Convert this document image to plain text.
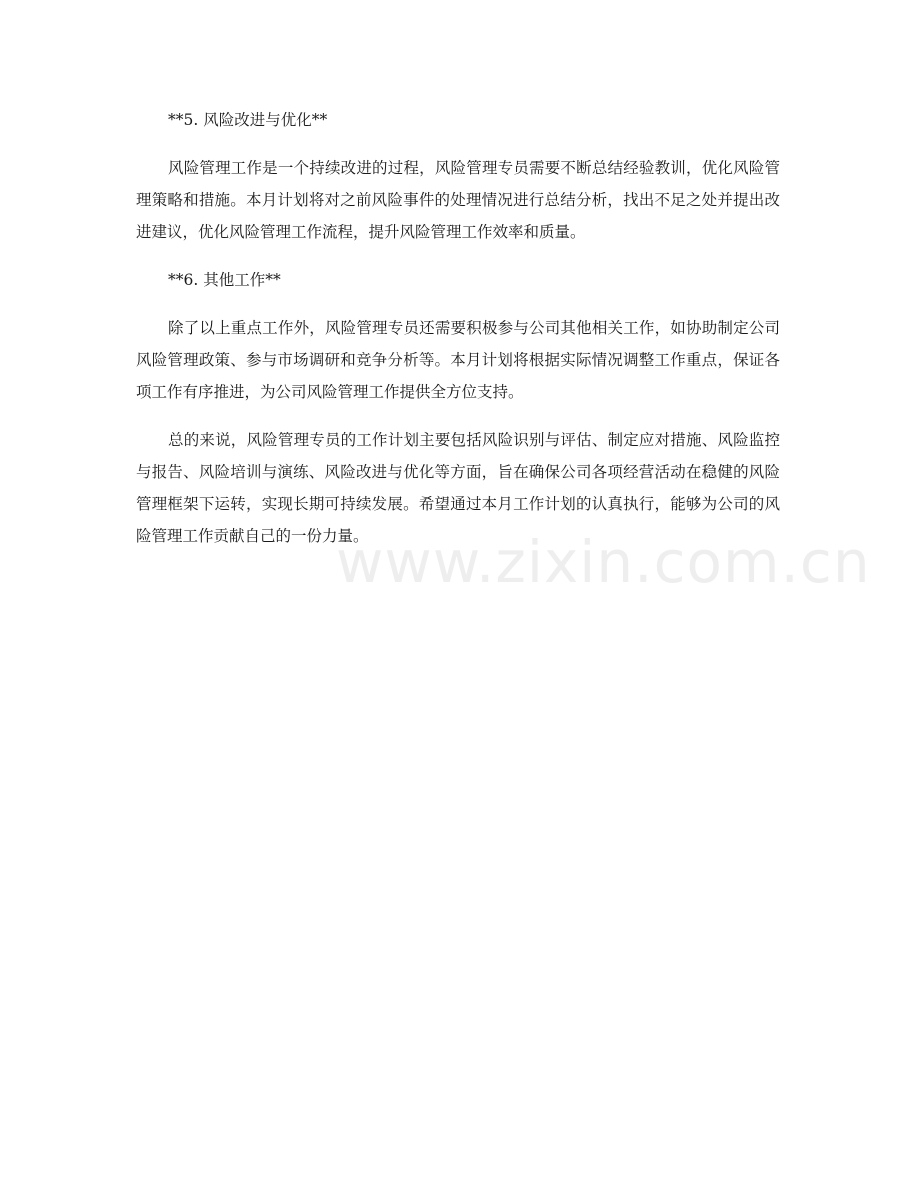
**5. 风险改进与优化**

风险管理工作是一个持续改进的过程，风险管理专员需要不断总结经验教训，优化风险管理策略和措施。本月计划将对之前风险事件的处理情况进行总结分析，找出不足之处并提出改进建议，优化风险管理工作流程，提升风险管理工作效率和质量。

**6. 其他工作**

除了以上重点工作外，风险管理专员还需要积极参与公司其他相关工作，如协助制定公司风险管理政策、参与市场调研和竞争分析等。本月计划将根据实际情况调整工作重点，保证各项工作有序推进，为公司风险管理工作提供全方位支持。

总的来说，风险管理专员的工作计划主要包括风险识别与评估、制定应对措施、风险监控与报告、风险培训与演练、风险改进与优化等方面，旨在确保公司各项经营活动在稳健的风险管理框架下运转，实现长期可持续发展。希望通过本月工作计划的认真执行，能够为公司的风险管理工作贡献自己的一份力量。

www.zixin.com.cn
